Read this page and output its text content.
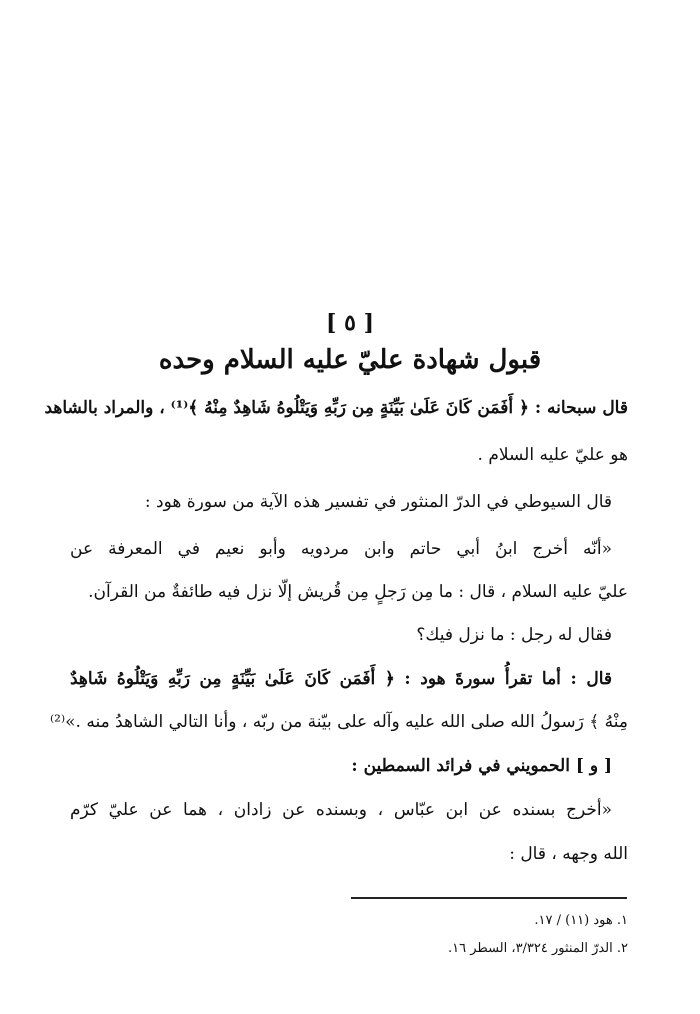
[ ٥ ]
قبول شهادة عليّ عليه السلام وحده
قال سبحانه : ﴿ أَفَمَن كَانَ عَلَىٰ بَيِّنَةٍ مِن رَبِّهِ وَيَتْلُوهُ شَاهِدٌ مِنْهُ ﴾⁽¹⁾ ، والمراد بالشاهد
هو عليّ عليه السلام .
قال السيوطي في الدرّ المنثور في تفسير هذه الآية من سورة هود :
«أنّه أخرج ابنُ أبي حاتم وابن مردويه وأبو نعيم في المعرفة عن
عليّ عليه السلام ، قال : ما مِن رَجلٍ مِن قُريش إلّا نزل فيه طائفةٌ من القرآن.
فقال له رجل : ما نزل فيك؟
قال : أما تقرأُ سورةَ هود : ﴿ أَفَمَن كَانَ عَلَىٰ بَيِّنَةٍ مِن رَبِّهِ وَيَتْلُوهُ شَاهِدٌ
مِنْهُ ﴾ رَسولُ الله صلى الله عليه وآله على بيّنة من ربّه ، وأنا التالي الشاهدُ منه .»⁽²⁾
[ و ] الحمويني في فرائد السمطين :
«أخرج بسنده عن ابن عبّاس ، وبسنده عن زادان ، هما عن عليّ كرّم
الله وجهه ، قال :
١. هود (١١) / ١٧.
٢. الدرّ المنثور ٣/٣٢٤، السطر ١٦.
